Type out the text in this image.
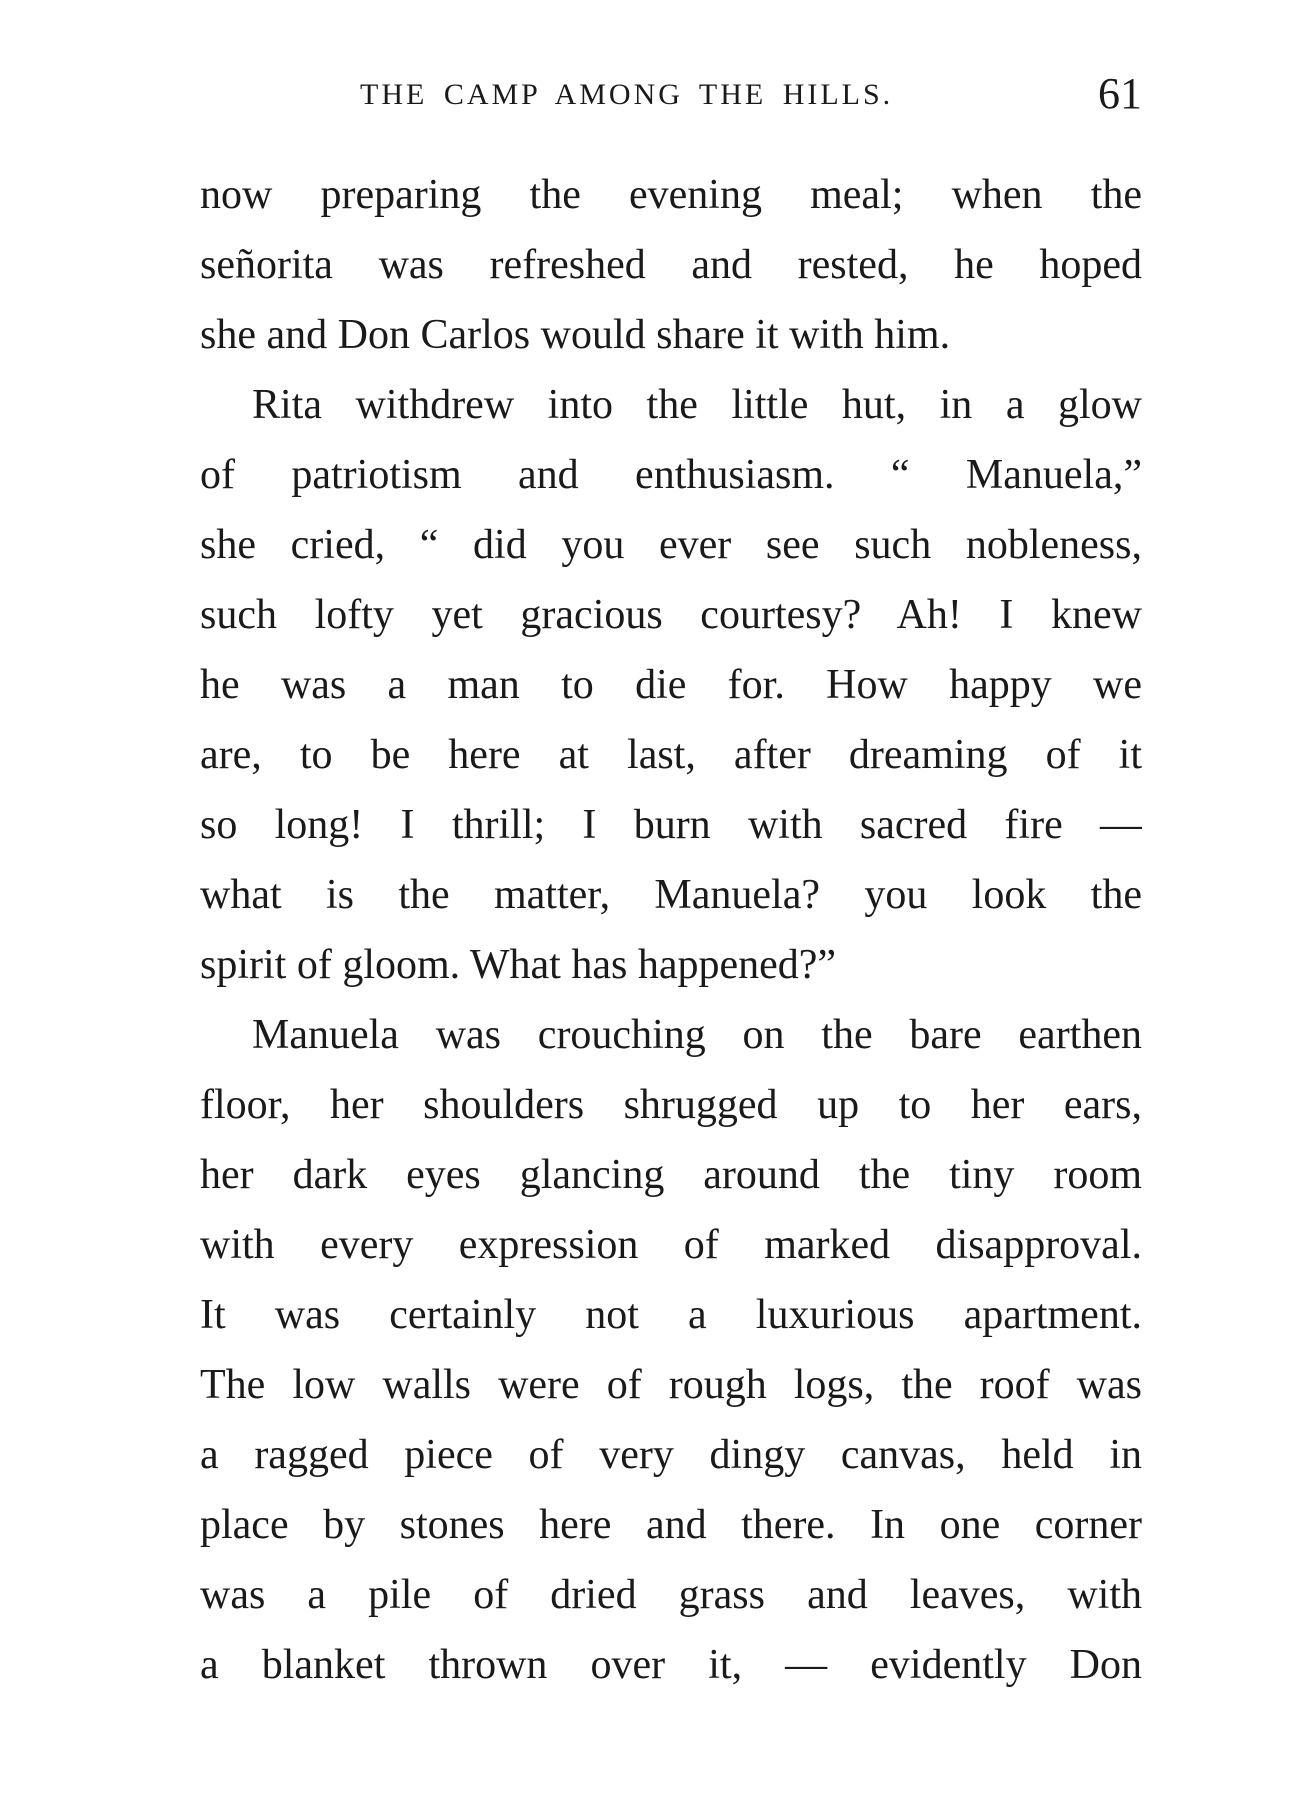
THE CAMP AMONG THE HILLS.	61
now preparing the evening meal; when the
señorita was refreshed and rested, he hoped
she and Don Carlos would share it with him.
Rita withdrew into the little hut, in a glow
of patriotism and enthusiasm. “ Manuela,”
she cried, “ did you ever see such nobleness,
such lofty yet gracious courtesy? Ah! I knew
he was a man to die for. How happy we
are, to be here at last, after dreaming of it
so long! I thrill; I burn with sacred fire —
what is the matter, Manuela? you look the
spirit of gloom. What has happened?”
Manuela was crouching on the bare earthen
floor, her shoulders shrugged up to her ears,
her dark eyes glancing around the tiny room
with every expression of marked disapproval.
It was certainly not a luxurious apartment.
The low walls were of rough logs, the roof was
a ragged piece of very dingy canvas, held in
place by stones here and there. In one corner
was a pile of dried grass and leaves, with
a blanket thrown over it, — evidently Don
